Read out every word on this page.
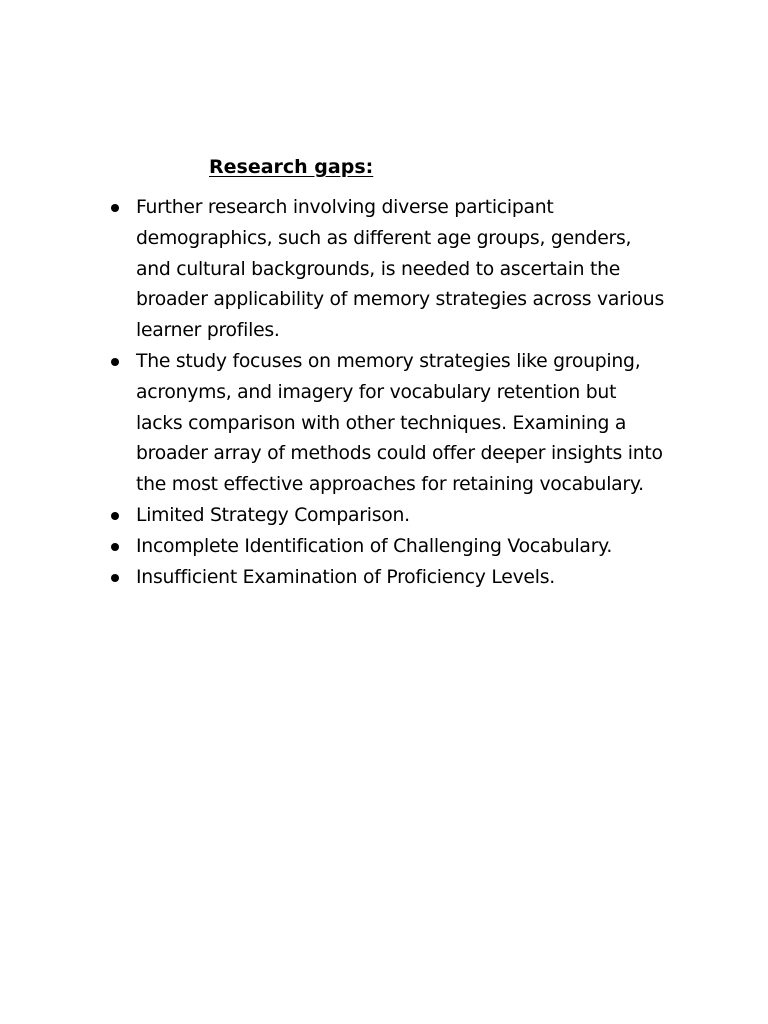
Research gaps:
Further research involving diverse participant demographics, such as different age groups, genders, and cultural backgrounds, is needed to ascertain the broader applicability of memory strategies across various learner profiles.
The study focuses on memory strategies like grouping, acronyms, and imagery for vocabulary retention but lacks comparison with other techniques. Examining a broader array of methods could offer deeper insights into the most effective approaches for retaining vocabulary.
Limited Strategy Comparison.
Incomplete Identification of Challenging Vocabulary.
Insufficient Examination of Proficiency Levels.
